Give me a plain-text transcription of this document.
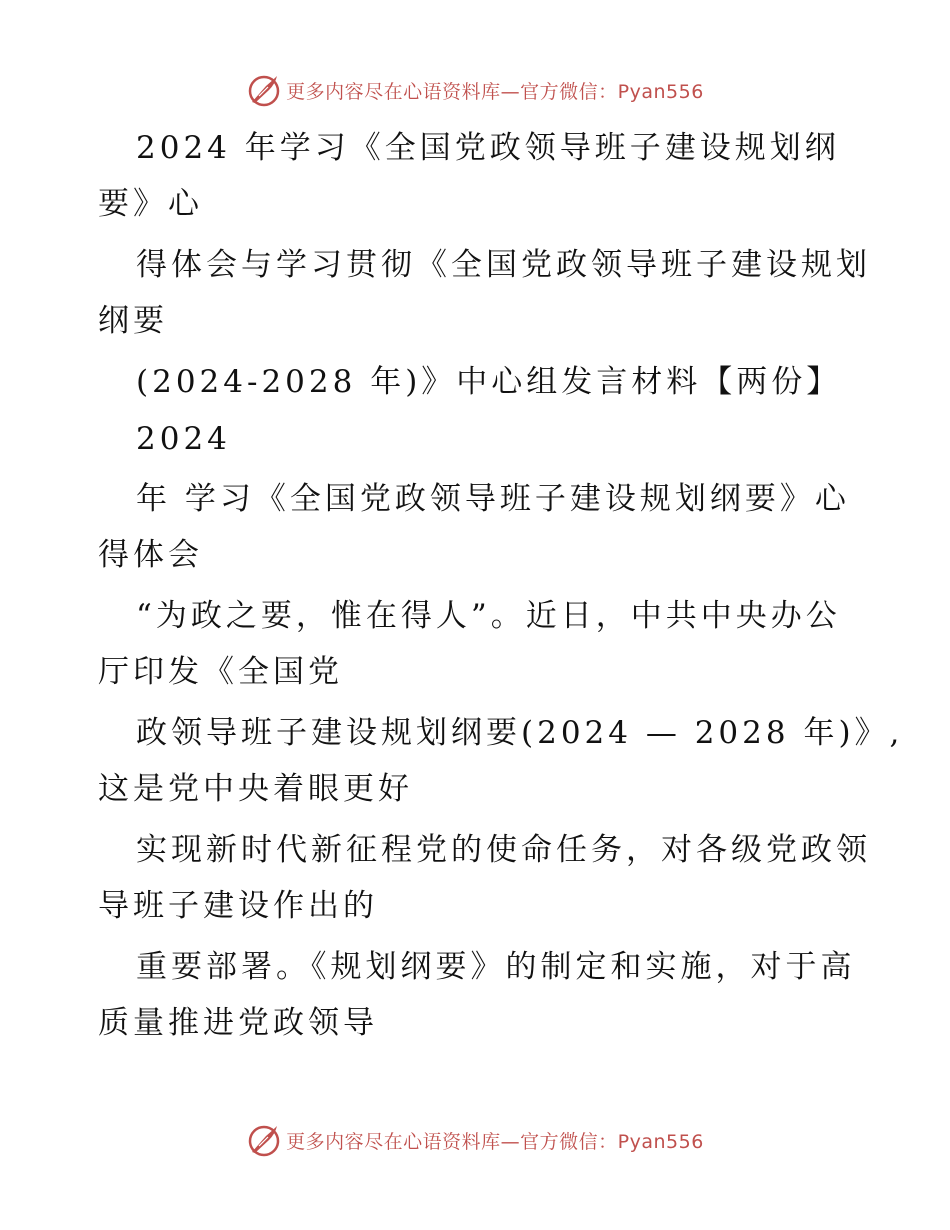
更多内容尽在心语资料库—官方微信：Pyan556

2024 年学习《全国党政领导班子建设规划纲

要》心

得体会与学习贯彻《全国党政领导班子建设规划

纲要

(2024-2028 年)》中心组发言材料【两份】

2024

年 学习《全国党政领导班子建设规划纲要》心

得体会

“为政之要，惟在得人”。近日，中共中央办公

厅印发《全国党

政领导班子建设规划纲要(2024 — 2028 年)》,

这是党中央着眼更好

实现新时代新征程党的使命任务，对各级党政领

导班子建设作出的

重要部署。《规划纲要》的制定和实施，对于高

质量推进党政领导

更多内容尽在心语资料库—官方微信：Pyan556
